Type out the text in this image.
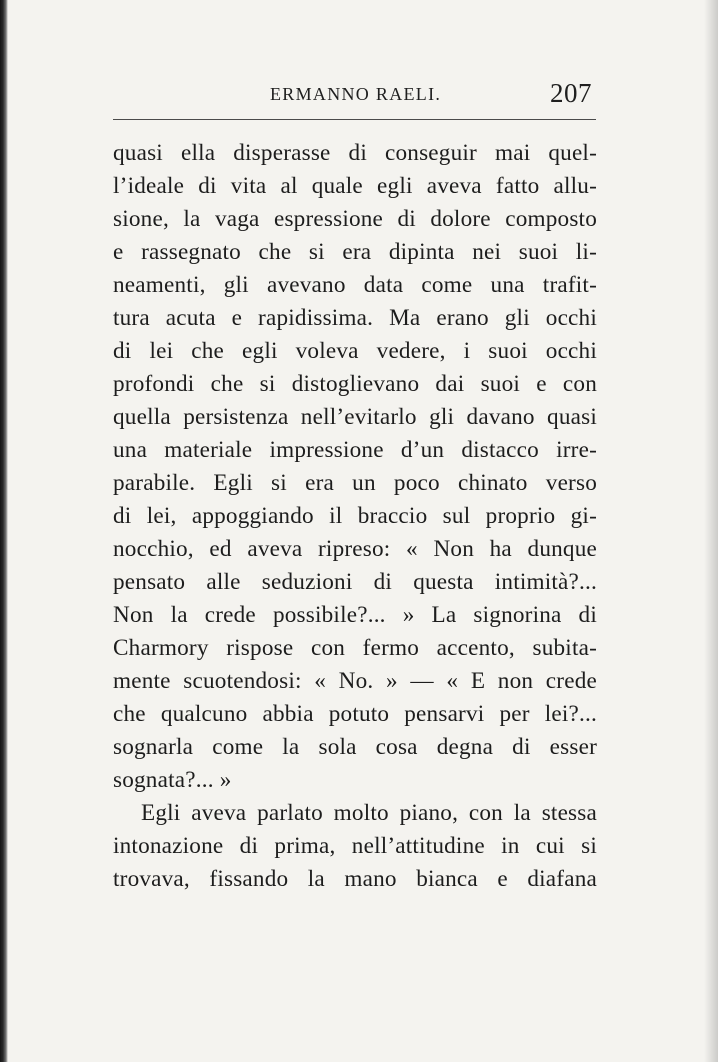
ERMANNO RAELI.	207
quasi ella disperasse di conseguir mai quel-
l’ideale di vita al quale egli aveva fatto allu-
sione, la vaga espressione di dolore composto
e rassegnato che si era dipinta nei suoi li-
neamenti, gli avevano data come una trafit-
tura acuta e rapidissima. Ma erano gli occhi
di lei che egli voleva vedere, i suoi occhi
profondi che si distoglievano dai suoi e con
quella persistenza nell’evitarlo gli davano quasi
una materiale impressione d’un distacco irre-
parabile. Egli si era un poco chinato verso
di lei, appoggiando il braccio sul proprio gi-
nocchio, ed aveva ripreso: « Non ha dunque
pensato alle seduzioni di questa intimità?...
Non la crede possibile?... » La signorina di
Charmory rispose con fermo accento, subita-
mente scuotendosi: « No. » — « E non crede
che qualcuno abbia potuto pensarvi per lei?...
sognarla come la sola cosa degna di esser
sognata?... »
Egli aveva parlato molto piano, con la stessa
intonazione di prima, nell’attitudine in cui si
trovava, fissando la mano bianca e diafana
